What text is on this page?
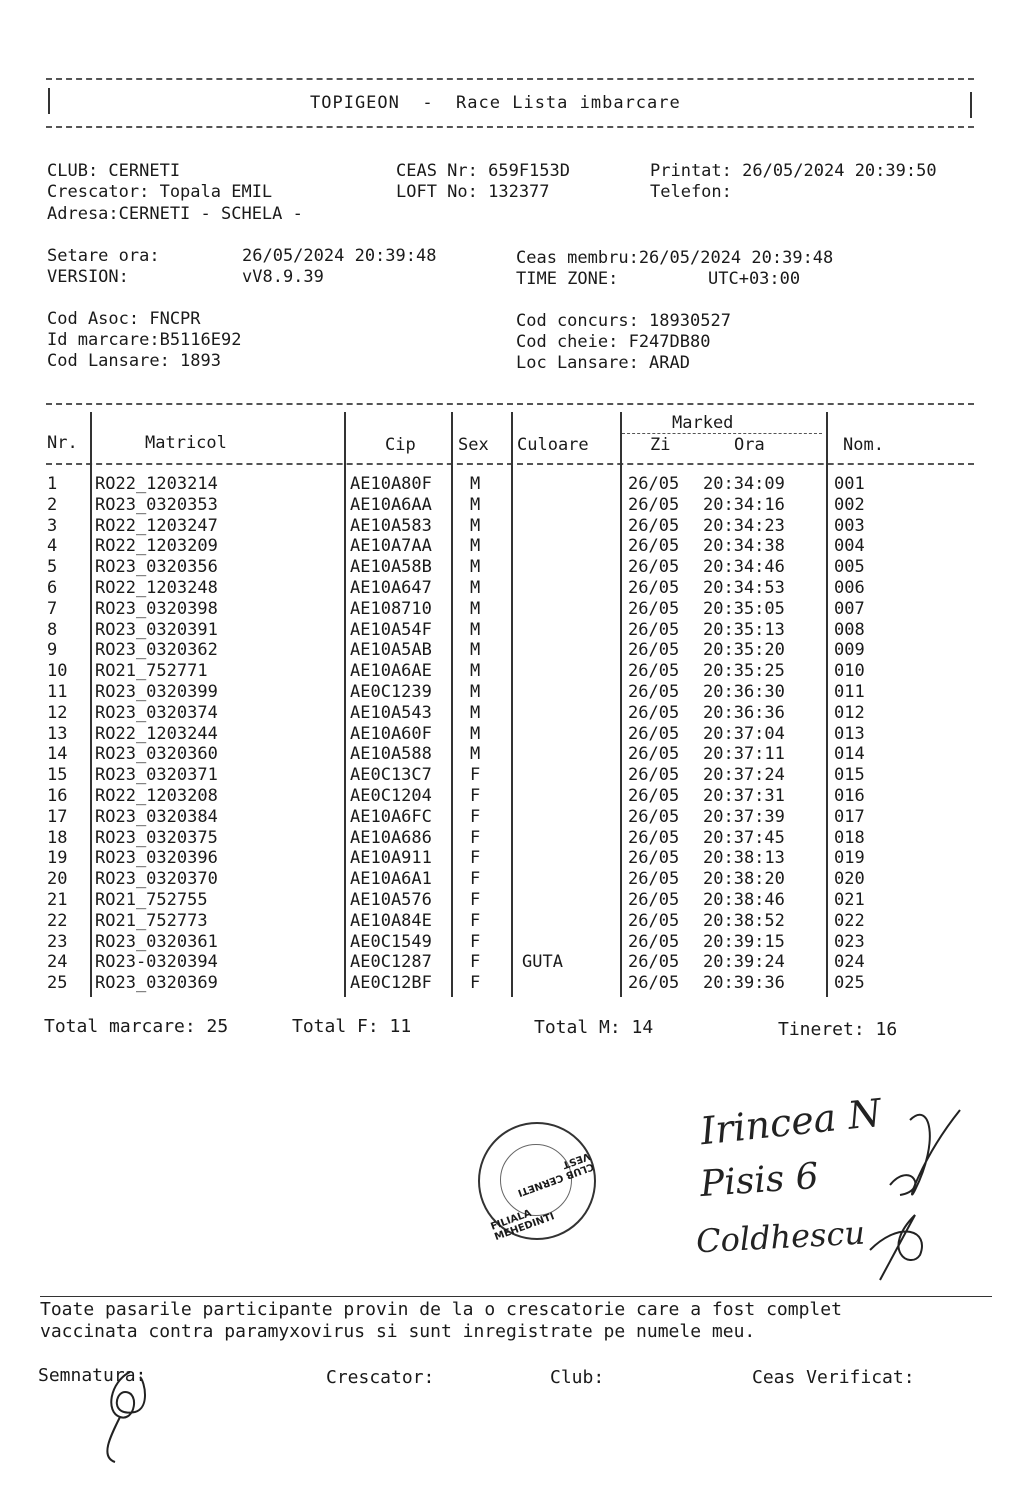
TOPIGEON  -  Race Lista imbarcare
CLUB: CERNETI
Crescator: Topala EMIL
Adresa:CERNETI - SCHELA -
CEAS Nr: 659F153D
LOFT No: 132377
Printat: 26/05/2024 20:39:50
Telefon:
Setare ora:	26/05/2024 20:39:48
VERSION:	vV8.9.39
Ceas membru:26/05/2024 20:39:48
TIME ZONE:	UTC+03:00
Cod Asoc: FNCPR
Id marcare:B5116E92
Cod Lansare: 1893
Cod concurs: 18930527
Cod cheie: F247DB80
Loc Lansare: ARAD
Nr.	Matricol	Cip Sex Culoare
Marked
Zi	Ora	Nom.
1 RO22_1203214	AE10A80F M	26/05 20:34:09	001
2 RO23_0320353	AE10A6AA M	26/05 20:34:16	002
3 RO22_1203247	AE10A583 M	26/05 20:34:23	003
4 RO22_1203209	AE10A7AA M	26/05 20:34:38	004
5 RO23_0320356	AE10A58B M	26/05 20:34:46	005
6 RO22_1203248	AE10A647 M	26/05 20:34:53	006
7 RO23_0320398	AE108710 M	26/05 20:35:05	007
8 RO23_0320391	AE10A54F M	26/05 20:35:13	008
9 RO23_0320362	AE10A5AB M	26/05 20:35:20	009
10 RO21_752771	AE10A6AE M	26/05 20:35:25	010
11 RO23_0320399	AE0C1239 M	26/05 20:36:30	011
12 RO23_0320374	AE10A543 M	26/05 20:36:36	012
13 RO22_1203244	AE10A60F M	26/05 20:37:04	013
14 RO23_0320360	AE10A588 M	26/05 20:37:11	014
15 RO23_0320371	AE0C13C7 F	26/05 20:37:24	015
16 RO22_1203208	AE0C1204 F	26/05 20:37:31	016
17 RO23_0320384	AE10A6FC F	26/05 20:37:39	017
18 RO23_0320375	AE10A686 F	26/05 20:37:45	018
19 RO23_0320396	AE10A911 F	26/05 20:38:13	019
20 RO23_0320370	AE10A6A1 F	26/05 20:38:20	020
21 RO21_752755	AE10A576 F	26/05 20:38:46	021
22 RO21_752773	AE10A84E F	26/05 20:38:52	022
23 RO23_0320361	AE0C1549 F	26/05 20:39:15	023
24 RO23-0320394	AE0C1287 F GUTA	26/05 20:39:24	024
25 RO23_0320369	AE0C12BF F	26/05 20:39:36	025
Total marcare: 25	Total F: 11	Total M: 14	Tineret: 16
FILIALA MEHEDINTI
CLUB CERNETI VEST
Irincea N
Pisis 6
Coldhescu
Toate pasarile participante provin de la o crescatorie care a fost complet
vaccinata contra paramyxovirus si sunt inregistrate pe numele meu.
Semnatura:	Crescator:	Club:	Ceas Verificat:
